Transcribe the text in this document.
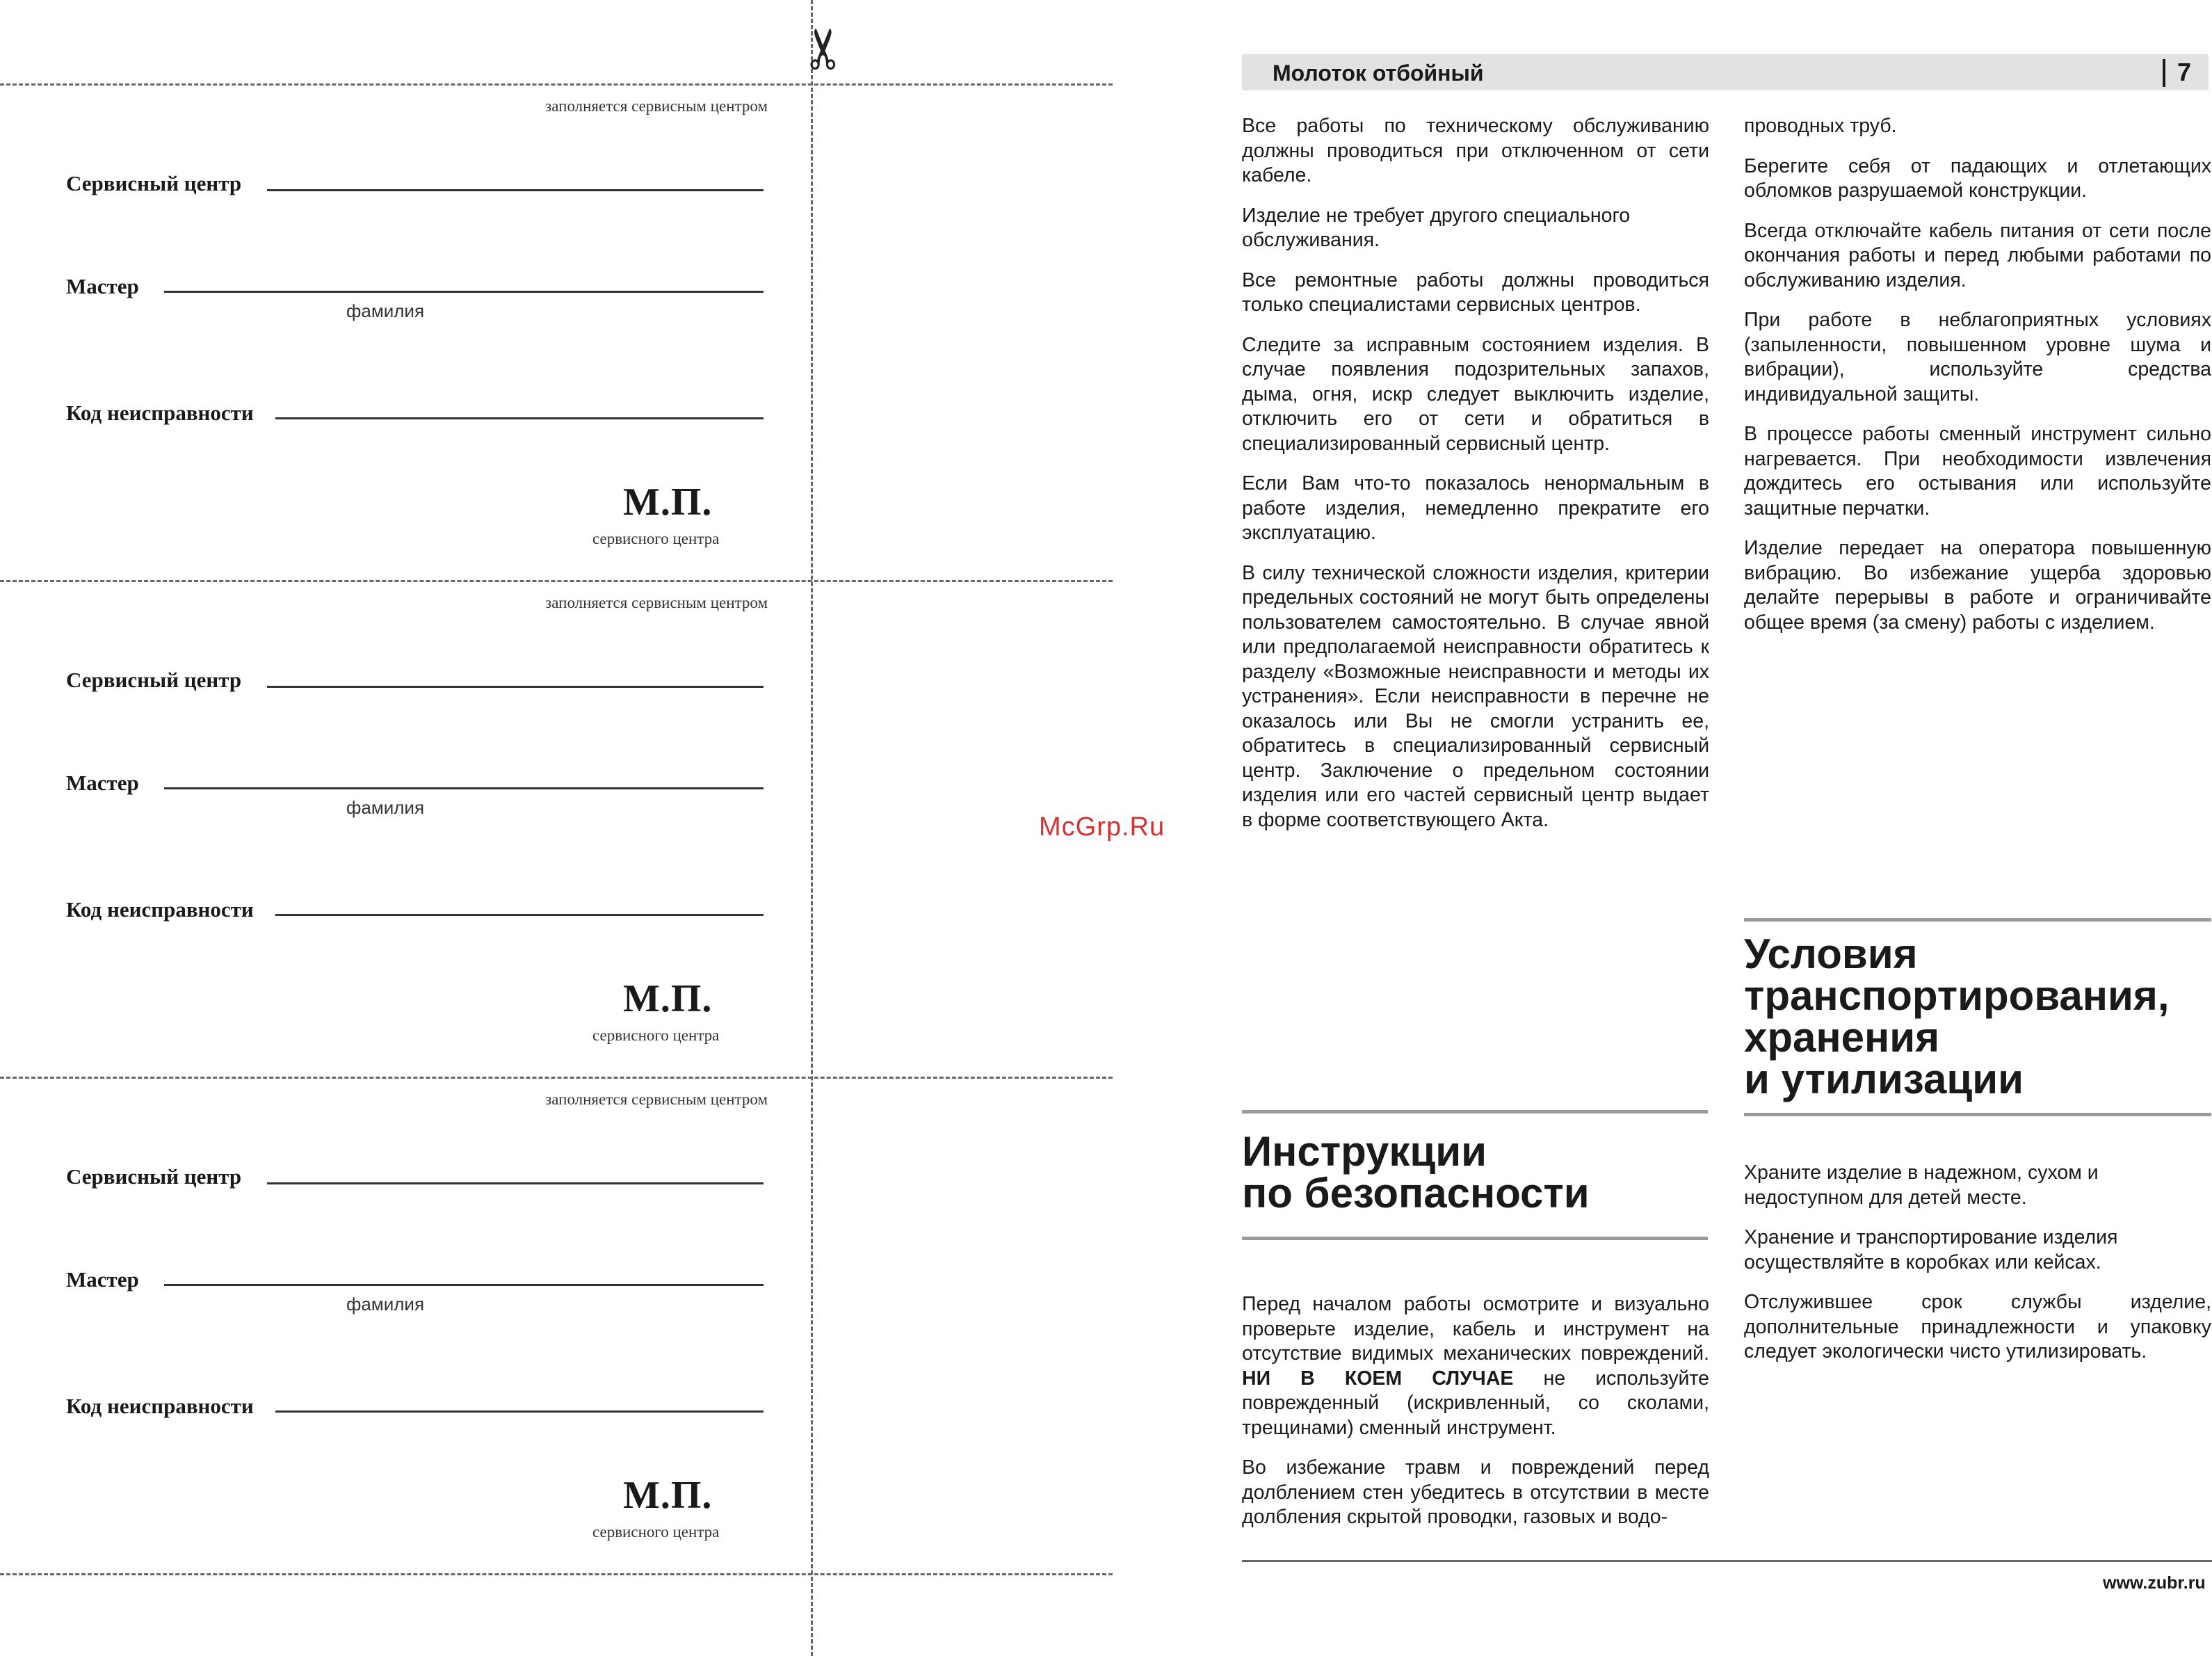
✂
заполняется сервисным центром
Сервисный центр
Мастер
фамилия
Код неисправности
М.П.
сервисного центра
заполняется сервисным центром
Сервисный центр
Мастер
фамилия
Код неисправности
М.П.
сервисного центра
заполняется сервисным центром
Сервисный центр
Мастер
фамилия
Код неисправности
М.П.
сервисного центра
McGrp.Ru
Молоток отбойный	7

Все работы по техническому обслуживанию должны проводиться при отключенном от сети кабеле.

Изделие не требует другого специального обслуживания.

Все ремонтные работы должны проводиться только специалистами сервисных центров.

Следите за исправным состоянием изделия. В случае появления подозрительных запахов, дыма, огня, искр следует выключить изделие, отключить его от сети и обратиться в специализированный сервисный центр.

Если Вам что-то показалось ненормальным в работе изделия, немедленно прекратите его эксплуатацию.

В силу технической сложности изделия, критерии предельных состояний не могут быть определены пользователем самостоятельно. В случае явной или предполагаемой неисправности обратитесь к разделу «Возможные неисправности и методы их устранения». Если неисправности в перечне не оказалось или Вы не смогли устранить ее, обратитесь в специализированный сервисный центр. Заключение о предельном состоянии изделия или его частей сервисный центр выдает в форме соответствующего Акта.

проводных труб.

Берегите себя от падающих и отлетающих обломков разрушаемой конструкции.

Всегда отключайте кабель питания от сети после окончания работы и перед любыми работами по обслуживанию изделия.

При работе в неблагоприятных условиях (запыленности, повышенном уровне шума и вибрации), используйте средства индивидуальной защиты.

В процессе работы сменный инструмент сильно нагревается. При необходимости извлечения дождитесь его остывания или используйте защитные перчатки.

Изделие передает на оператора повышенную вибрацию. Во избежание ущерба здоровью делайте перерывы в работе и ограничивайте общее время (за смену) работы с изделием.

Условия
транспортирования,
хранения
и утилизации

Храните изделие в надежном, сухом и недоступном для детей месте.

Хранение и транспортирование изделия осуществляйте в коробках или кейсах.

Отслужившее срок службы изделие, дополнительные принадлежности и упаковку следует экологически чисто утилизировать.

Инструкции
по безопасности

Перед началом работы осмотрите и визуально проверьте изделие, кабель и инструмент на отсутствие видимых механических повреждений. НИ В КОЕМ СЛУЧАЕ не используйте поврежденный (искривленный, со сколами, трещинами) сменный инструмент.

Во избежание травм и повреждений перед долблением стен убедитесь в отсутствии в месте долбления скрытой проводки, газовых и водо-

www.zubr.ru
